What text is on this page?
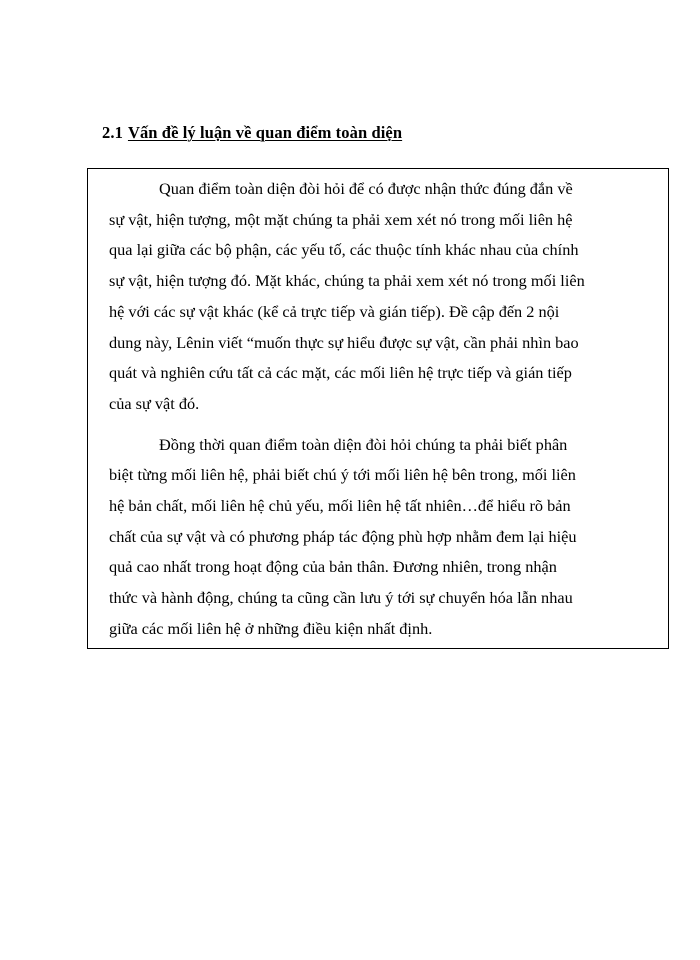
2.1 Vấn đề lý luận về quan điểm toàn diện

Quan điểm toàn diện đòi hỏi để có được nhận thức đúng đắn về
sự vật, hiện tượng, một mặt chúng ta phải xem xét nó trong mối liên hệ
qua lại giữa các bộ phận, các yếu tố, các thuộc tính khác nhau của chính
sự vật, hiện tượng đó. Mặt khác, chúng ta phải xem xét nó trong mối liên
hệ với các sự vật khác (kể cả trực tiếp và gián tiếp). Đề cập đến 2 nội
dung này, Lênin viết “muốn thực sự hiểu được sự vật, cần phải nhìn bao
quát và nghiên cứu tất cả các mặt, các mối liên hệ trực tiếp và gián tiếp
của sự vật đó.

Đồng thời quan điểm toàn diện đòi hỏi chúng ta phải biết phân
biệt từng mối liên hệ, phải biết chú ý tới mối liên hệ bên trong, mối liên
hệ bản chất, mối liên hệ chủ yếu, mối liên hệ tất nhiên…để hiểu rõ bản
chất của sự vật và có phương pháp tác động phù hợp nhằm đem lại hiệu
quả cao nhất trong hoạt động của bản thân. Đương nhiên, trong nhận
thức và hành động, chúng ta cũng cần lưu ý tới sự chuyển hóa lẫn nhau
giữa các mối liên hệ ở những điều kiện nhất định.
